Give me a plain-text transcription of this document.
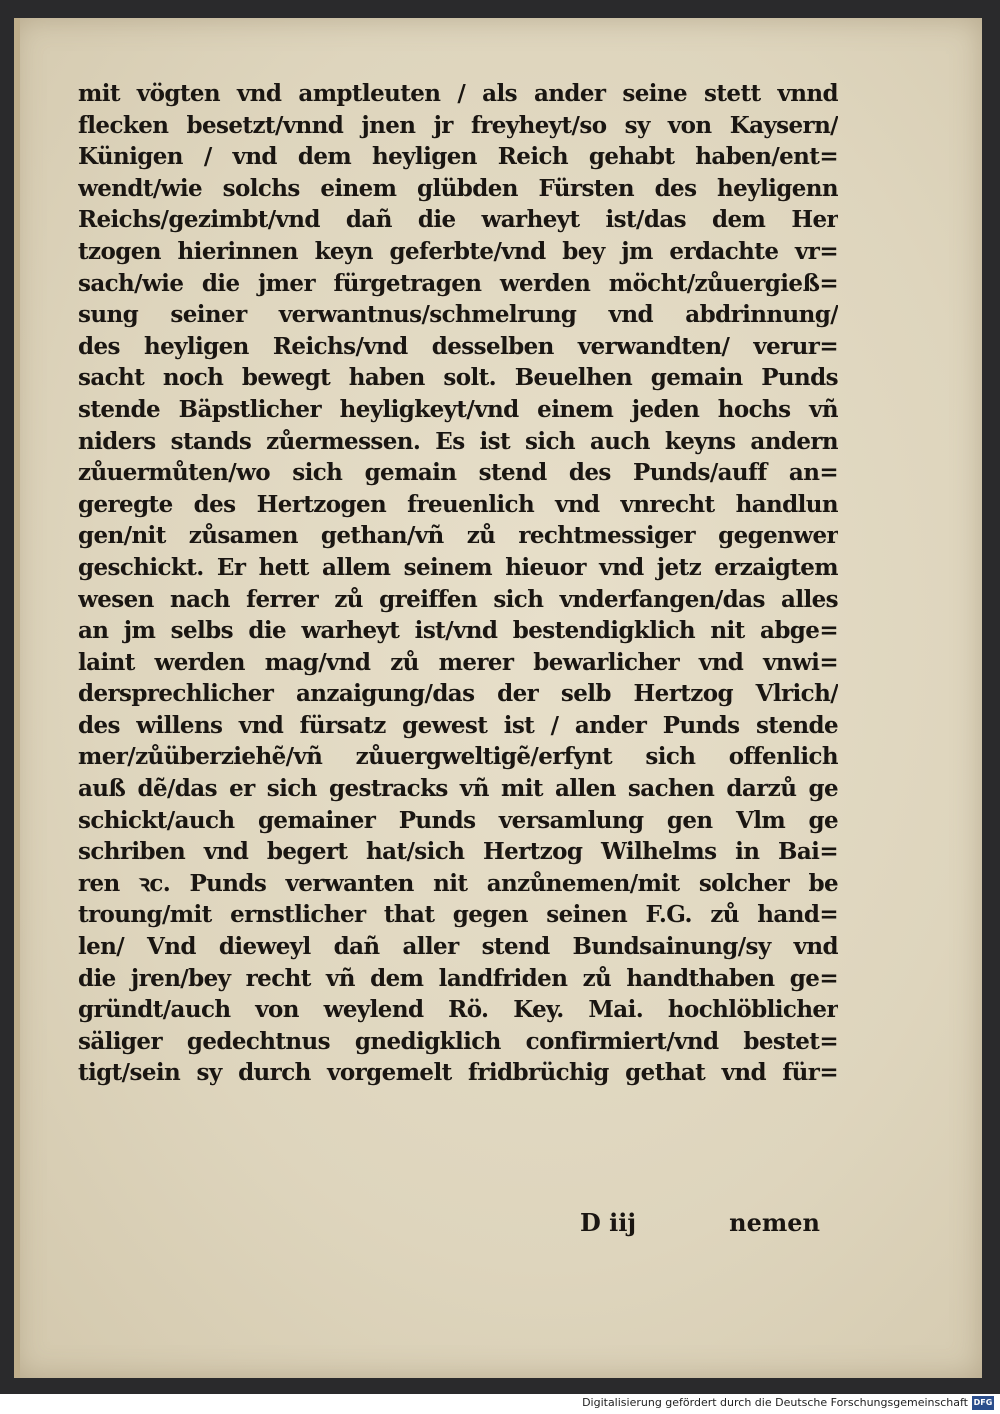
mit vögten vnd amptleuten / als ander seine stett vnnd
flecken besetzt/vnnd jnen jr freyheyt/so sy von Kaysern/
Künigen / vnd dem heyligen Reich gehabt haben/ent=
wendt/wie solchs einem glübden Fürsten des heyligenn
Reichs/gezimbt/vnd dañ die warheyt ist/das dem Her
tzogen hierinnen keyn geferbte/vnd bey jm erdachte vr=
sach/wie die jmer fürgetragen werden möcht/zůuergieß=
sung seiner verwantnus/schmelrung vnd abdrinnung/
des heyligen Reichs/vnd desselben verwandten/ verur=
sacht noch bewegt haben solt. Beuelhen gemain Punds
stende Bäpstlicher heyligkeyt/vnd einem jeden hochs vñ
niders stands zůermessen. Es ist sich auch keyns andern
zůuermůten/wo sich gemain stend des Punds/auff an=
geregte des Hertzogen freuenlich vnd vnrecht handlun
gen/nit zůsamen gethan/vñ zů rechtmessiger gegenwer
geschickt. Er hett allem seinem hieuor vnd jetz erzaigtem
wesen nach ferrer zů greiffen sich vnderfangen/das alles
an jm selbs die warheyt ist/vnd bestendigklich nit abge=
laint werden mag/vnd zů merer bewarlicher vnd vnwi=
dersprechlicher anzaigung/das der selb Hertzog Vlrich/
des willens vnd fürsatz gewest ist / ander Punds stende
mer/zůüberziehẽ/vñ zůuergweltigẽ/erfynt sich offenlich
auß dẽ/das er sich gestracks vñ mit allen sachen darzů ge
schickt/auch gemainer Punds versamlung gen Vlm ge
schriben vnd begert hat/sich Hertzog Wilhelms in Bai=
ren ꝛc. Punds verwanten nit anzůnemen/mit solcher be
troung/mit ernstlicher that gegen seinen F.G. zů hand=
len/ Vnd dieweyl dañ aller stend Bundsainung/sy vnd
die jren/bey recht vñ dem landfriden zů handthaben ge=
gründt/auch von weylend Rö. Key. Mai. hochlöblicher
säliger gedechtnus gnedigklich confirmiert/vnd bestet=
tigt/sein sy durch vorgemelt fridbrüchig gethat vnd für=
D iij	nemen
Digitalisierung gefördert durch die Deutsche Forschungsgemeinschaft DFG
